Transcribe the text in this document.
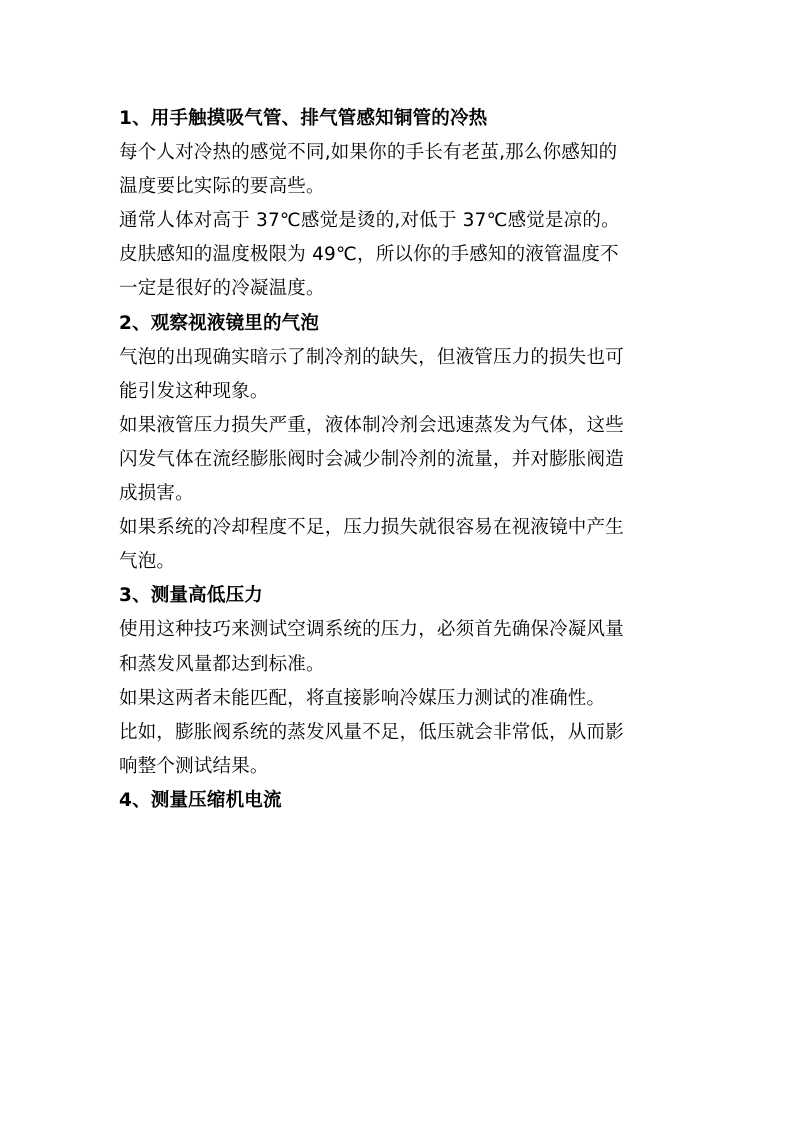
1、用手触摸吸气管、排气管感知铜管的冷热
每个人对冷热的感觉不同,如果你的手长有老茧,那么你感知的
温度要比实际的要高些。
通常人体对高于 37℃感觉是烫的,对低于 37℃感觉是凉的。
皮肤感知的温度极限为 49℃，所以你的手感知的液管温度不
一定是很好的冷凝温度。
2、观察视液镜里的气泡
气泡的出现确实暗示了制冷剂的缺失，但液管压力的损失也可
能引发这种现象。
如果液管压力损失严重，液体制冷剂会迅速蒸发为气体，这些
闪发气体在流经膨胀阀时会减少制冷剂的流量，并对膨胀阀造
成损害。
如果系统的冷却程度不足，压力损失就很容易在视液镜中产生
气泡。
3、测量高低压力
使用这种技巧来测试空调系统的压力，必须首先确保冷凝风量
和蒸发风量都达到标准。
如果这两者未能匹配，将直接影响冷媒压力测试的准确性。
比如，膨胀阀系统的蒸发风量不足，低压就会非常低，从而影
响整个测试结果。
4、测量压缩机电流
